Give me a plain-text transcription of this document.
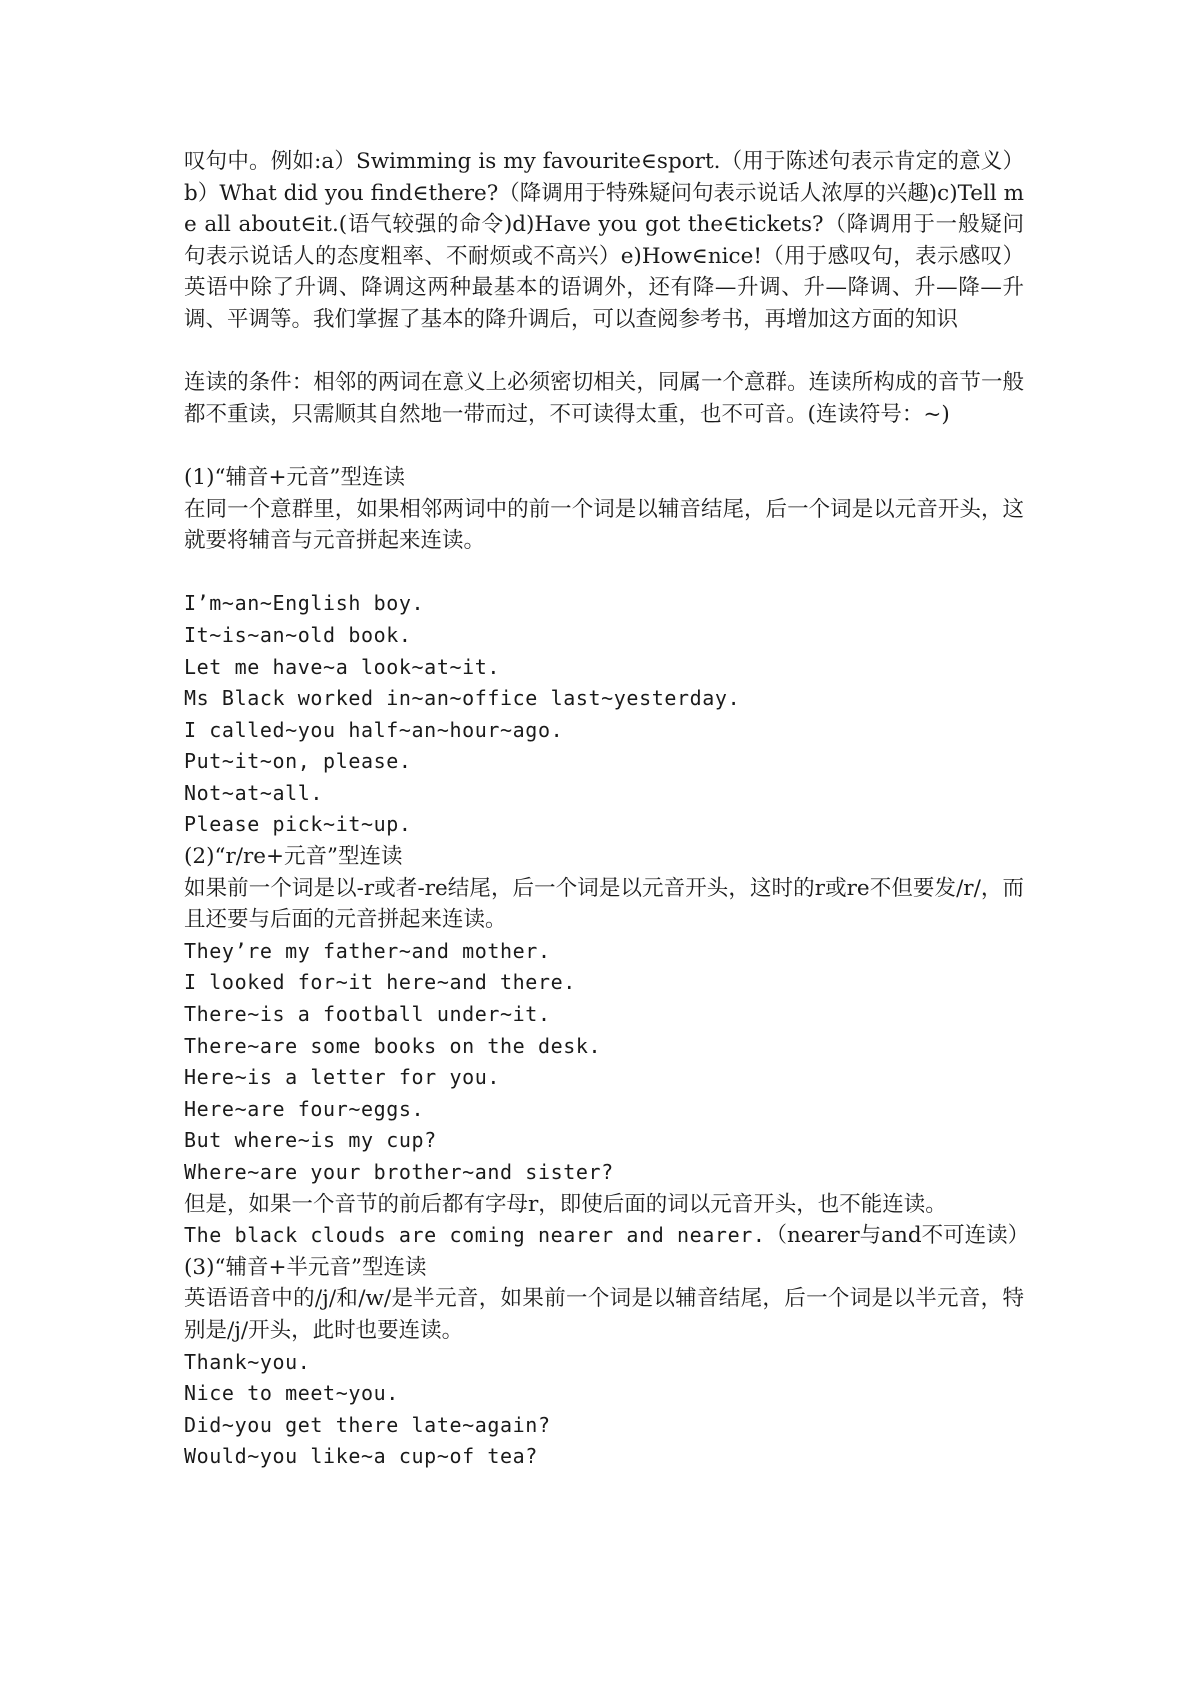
叹句中。例如:a）Swimming is my favourite∈sport.（用于陈述句表示肯定的意义）b）What did you find∈there?（降调用于特殊疑问句表示说话人浓厚的兴趣)c)Tell me all about∈it.(语气较强的命令)d)Have you got the∈tickets?（降调用于一般疑问句表示说话人的态度粗率、不耐烦或不高兴）e)How∈nice!（用于感叹句，表示感叹）英语中除了升调、降调这两种最基本的语调外，还有降—升调、升—降调、升—降—升调、平调等。我们掌握了基本的降升调后，可以查阅参考书，再增加这方面的知识

连读的条件：相邻的两词在意义上必须密切相关，同属一个意群。连读所构成的音节一般都不重读，只需顺其自然地一带而过，不可读得太重，也不可音。(连读符号：~)

(1)“辅音+元音”型连读

在同一个意群里，如果相邻两词中的前一个词是以辅音结尾，后一个词是以元音开头，这就要将辅音与元音拼起来连读。

I’m~an~English boy.

It~is~an~old book.

Let me have~a look~at~it.

Ms Black worked in~an~office last~yesterday.

I called~you half~an~hour~ago.

Put~it~on, please.

Not~at~all.

Please pick~it~up.

(2)“r/re+元音”型连读

如果前一个词是以-r或者-re结尾，后一个词是以元音开头，这时的r或re不但要发/r/，而且还要与后面的元音拼起来连读。

They’re my father~and mother.

I looked for~it here~and there.

There~is a football under~it.

There~are some books on the desk.

Here~is a letter for you.

Here~are four~eggs.

But where~is my cup?

Where~are your brother~and sister?

但是，如果一个音节的前后都有字母r，即使后面的词以元音开头，也不能连读。

The black clouds are coming nearer and nearer.（nearer与and不可连读）

(3)“辅音+半元音”型连读

英语语音中的/j/和/w/是半元音，如果前一个词是以辅音结尾，后一个词是以半元音，特别是/j/开头，此时也要连读。

Thank~you.

Nice to meet~you.

Did~you get there late~again?

Would~you like~a cup~of tea?
